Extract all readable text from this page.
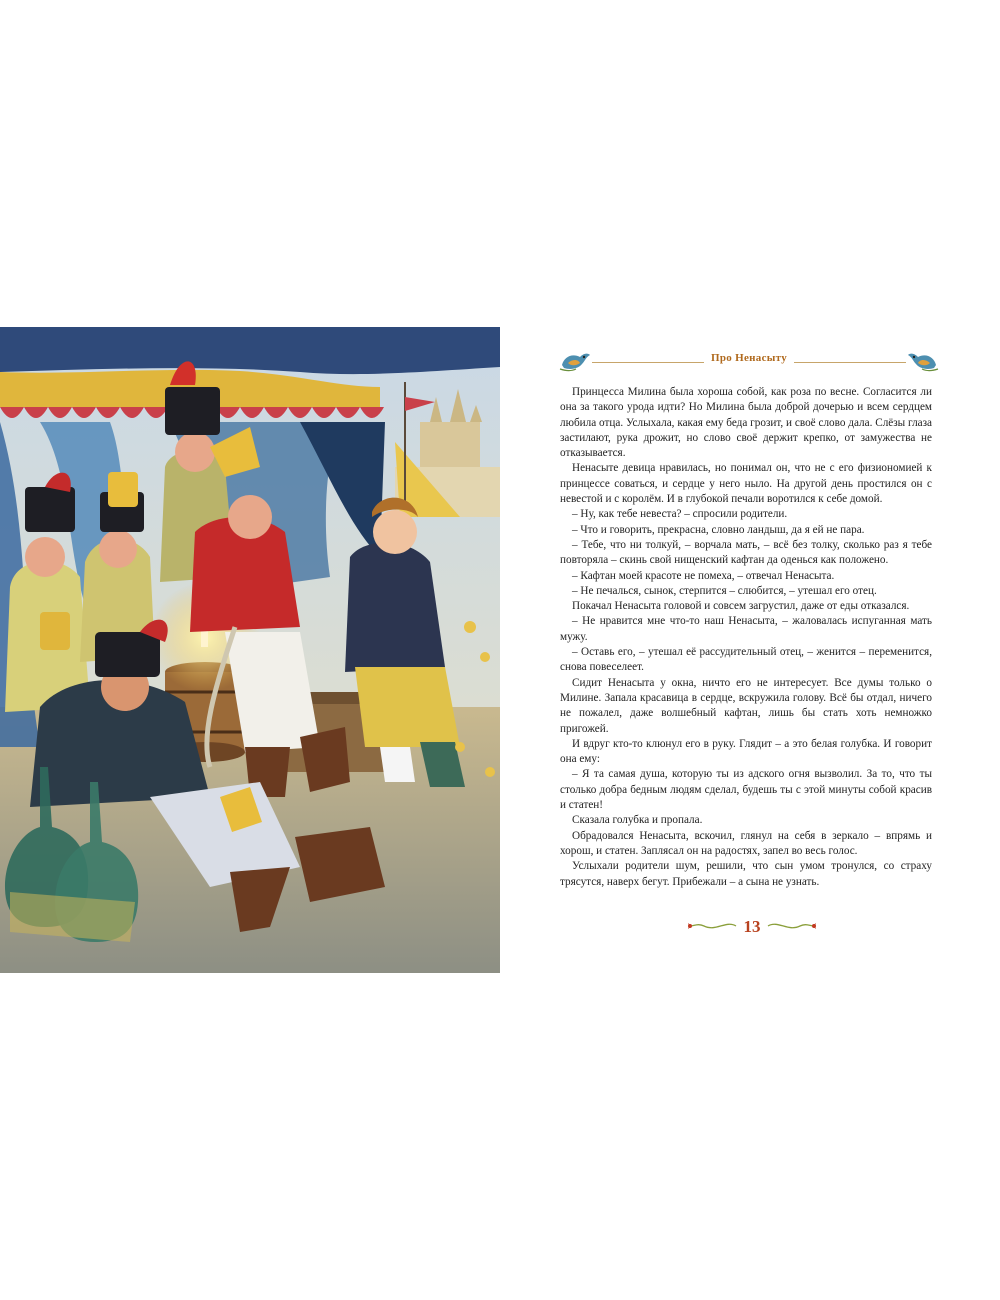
Про Ненасыту

Принцесса Милина была хороша собой, как роза по весне. Согласится ли она за такого урода идти? Но Милина была доброй дочерью и всем сердцем любила отца. Услыхала, какая ему беда грозит, и своё слово дала. Слёзы глаза застилают, рука дрожит, но слово своё держит крепко, от замужества не отказывается.

Ненасыте девица нравилась, но понимал он, что не с его физиономией к принцессе соваться, и сердце у него ныло. На другой день простился он с невестой и с королём. И в глубокой печали воротился к себе домой.

– Ну, как тебе невеста? – спросили родители.

– Что и говорить, прекрасна, словно ландыш, да я ей не пара.

– Тебе, что ни толкуй, – ворчала мать, – всё без толку, сколько раз я тебе повторяла – скинь свой нищенский кафтан да оденься как положено.

– Кафтан моей красоте не помеха, – отвечал Ненасыта.

– Не печалься, сынок, стерпится – слюбится, – утешал его отец.

Покачал Ненасыта головой и совсем загрустил, даже от еды отказался.

– Не нравится мне что-то наш Ненасыта, – жаловалась испуганная мать мужу.

– Оставь его, – утешал её рассудительный отец, – женится – переменится, снова повеселеет.

Сидит Ненасыта у окна, ничто его не интересует. Все думы только о Милине. Запала красавица в сердце, вскружила голову. Всё бы отдал, ничего не пожалел, даже волшебный кафтан, лишь бы стать хоть немножко пригожей.

И вдруг кто-то клюнул его в руку. Глядит – а это белая голубка. И говорит она ему:

– Я та самая душа, которую ты из адского огня вызволил. За то, что ты столько добра бедным людям сделал, будешь ты с этой минуты собой красив и статен!

Сказала голубка и пропала.

Обрадовался Ненасыта, вскочил, глянул на себя в зеркало – впрямь и хорош, и статен. Заплясал он на радостях, запел во весь голос.

Услыхали родители шум, решили, что сын умом тронулся, со страху трясутся, наверх бегут. Прибежали – а сына не узнать.

13
